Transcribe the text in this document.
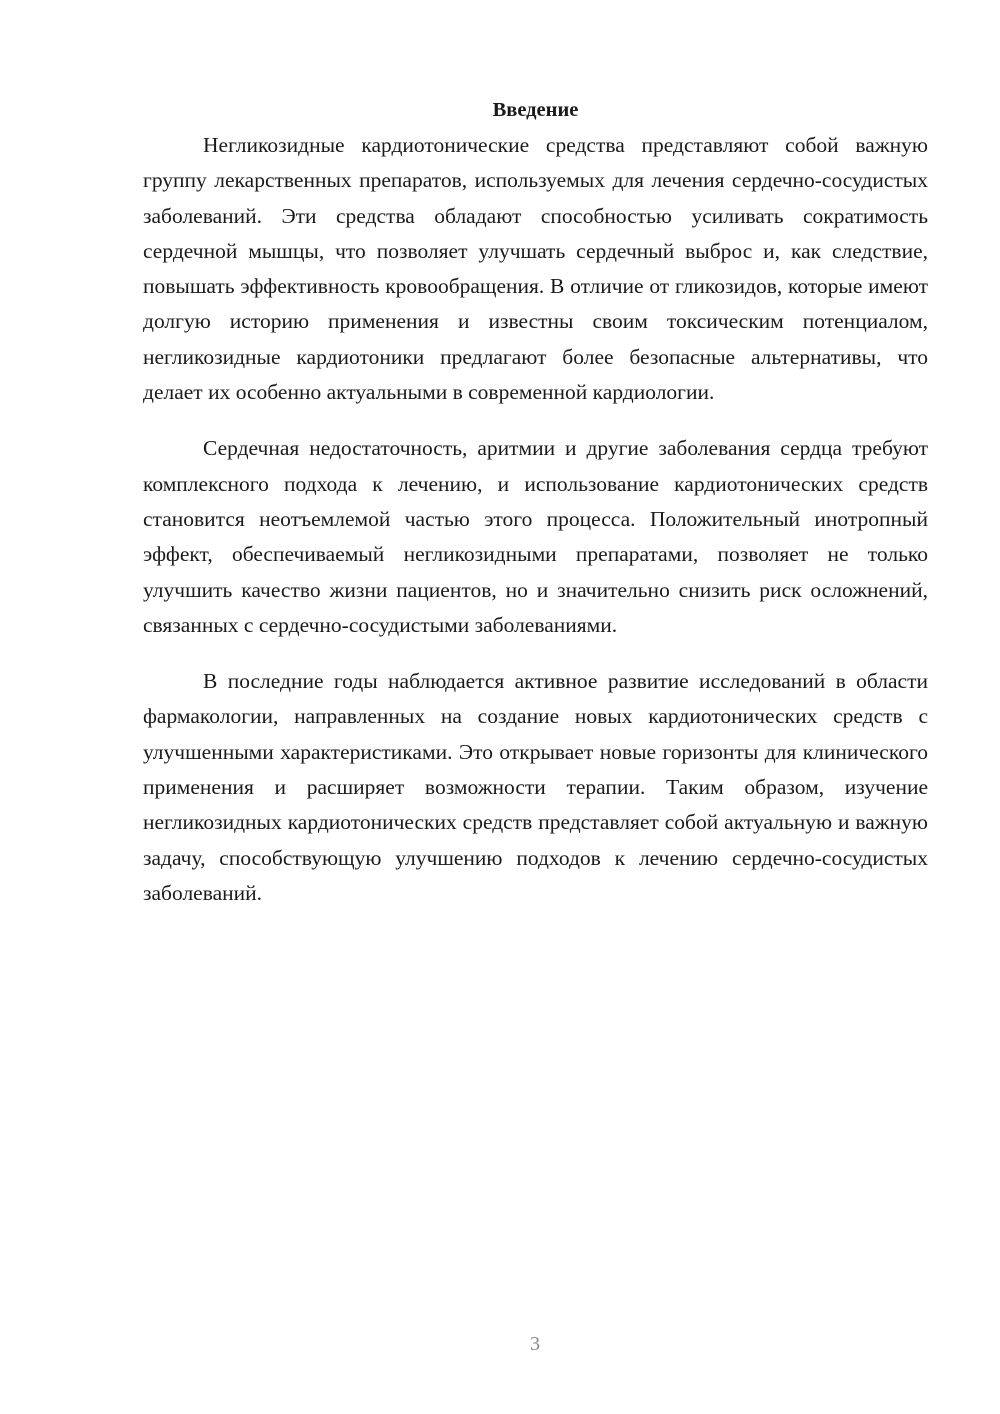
Введение

Негликозидные кардиотонические средства представляют собой важную группу лекарственных препаратов, используемых для лечения сердечно-сосудистых заболеваний. Эти средства обладают способностью усиливать сократимость сердечной мышцы, что позволяет улучшать сердечный выброс и, как следствие, повышать эффективность кровообращения. В отличие от гликозидов, которые имеют долгую историю применения и известны своим токсическим потенциалом, негликозидные кардиотоники предлагают более безопасные альтернативы, что делает их особенно актуальными в современной кардиологии.

Сердечная недостаточность, аритмии и другие заболевания сердца требуют комплексного подхода к лечению, и использование кардиотонических средств становится неотъемлемой частью этого процесса. Положительный инотропный эффект, обеспечиваемый негликозидными препаратами, позволяет не только улучшить качество жизни пациентов, но и значительно снизить риск осложнений, связанных с сердечно-сосудистыми заболеваниями.

В последние годы наблюдается активное развитие исследований в области фармакологии, направленных на создание новых кардиотонических средств с улучшенными характеристиками. Это открывает новые горизонты для клинического применения и расширяет возможности терапии. Таким образом, изучение негликозидных кардиотонических средств представляет собой актуальную и важную задачу, способствующую улучшению подходов к лечению сердечно-сосудистых заболеваний.

3
